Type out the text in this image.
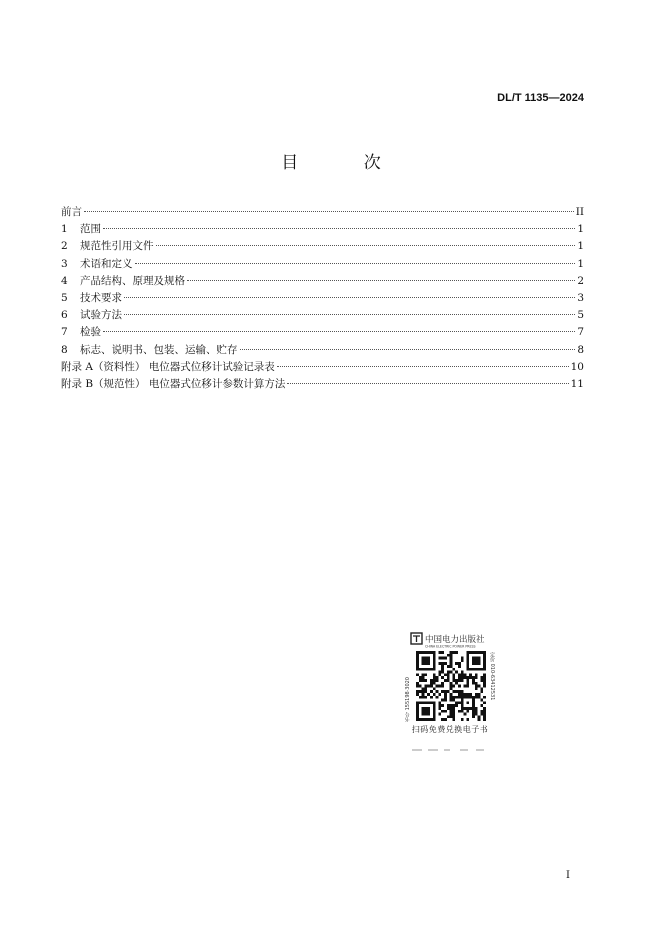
DL/T 1135—2024
目 次
前言	II
1	范围	1
2	规范性引用文件	1
3	术语和定义	1
4	产品结构、原理及规格	2
5	技术要求	3
6	试验方法	5
7	检验	7
8	标志、说明书、包装、运输、贮存	8
附录 A（资料性） 电位器式位移计试验记录表	10
附录 B（规范性） 电位器式位移计参数计算方法	11
中国电力出版社
CHINA ELECTRIC POWER PRESS
书号 155198·3020	定价 010-63412531
扫码免费兑换电子书
I
